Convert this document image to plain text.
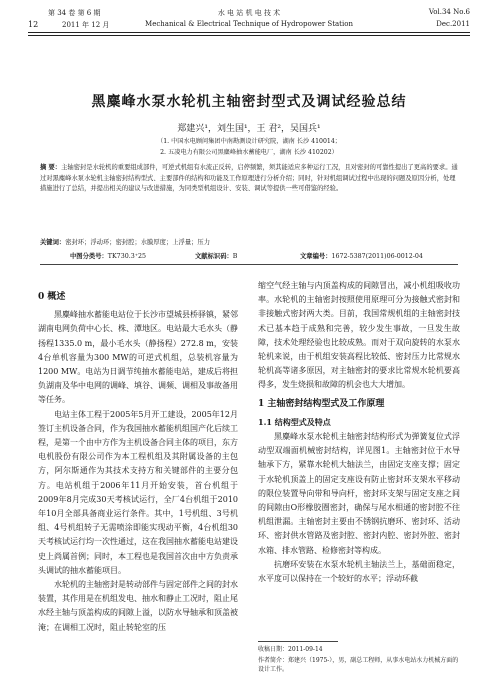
第 34 卷 第 6 期	水 电 站 机 电 技 术	Vol.34 No.6
12	2011 年 12 月	Mechanical & Electrical Technique of Hydropower Station	Dec.2011
黑麋峰水泵水轮机主轴密封型式及调试经验总结
郑建兴¹，刘生国¹，王 君²，吴国兵¹
（1. 中国水电顾问集团中南勘测设计研究院，湖南 长沙 410014；
2. 五凌电力有限公司黑麋峰抽水蓄能电厂，湖南 长沙 410202）
摘 要：主轴密封是水轮机的重要组成部件，可逆式机组有水流正反转，启停频繁，须其能适应多种运行工况，且对密封的可靠性提出了更高的要求。通过对黑麋峰水泵水轮机主轴密封结构型式、主要部件的结构和功能及工作原理进行分析介绍；同时，针对机组调试过程中出现的问题及原因分析，处理措施进行了总结，并提出相关的建议与改进措施，为同类型机组设计、安装、调试等提供一些可借鉴的经验。
关键词：密封环；浮动环；密封腔；水膜厚度；上浮量；压力
中图分类号：TK730.3⁺25	文献标识码：B	文章编号：1672-5387(2011)06-0012-04
0 概述

黑麋峰抽水蓄能电站位于长沙市望城县桥驿镇，紧邻湖南电网负荷中心长、株、潭地区。电站最大毛水头（静扬程1335.0 m，最小毛水头（静扬程）272.8 m，安装4台单机容量为300 MW的可逆式机组，总装机容量为1200 MW。电站为日调节纯抽水蓄能电站，建成后将担负湖南及华中电网的调峰、填谷、调频、调相及事故备用等任务。

电站主体工程于2005年5月开工建设，2005年12月签订主机设备合同，作为我国抽水蓄能机组国产化后续工程，是第一个由中方作为主机设备合同主体的项目，东方电机股份有限公司作为本工程机组及其附属设备的主包方，阿尔斯通作为其技术支持方和关键部件的主要分包方。电站机组于2006年11月开始安装，首台机组于2009年8月完成30天考核试运行，全厂4台机组于2010年10月全部具备商业运行条件。其中，1号机组、3号机组、4号机组转子无需喷涂即能实现动平衡，4台机组30天考核试运行均一次性通过，这在我国抽水蓄能电站建设史上尚属首例；同时，本工程也是我国首次由中方负责承头调试的抽水蓄能项目。

水轮机的主轴密封是转动部件与固定部件之间的封水装置，其作用是在机组发电、抽水和静止工况时，阻止尾水经主轴与顶盖构成的间隙上溢，以防水导轴承和顶盖被淹；在调相工况时，阻止转轮室的压

缩空气经主轴与内顶盖构成的间隙冒出，减小机组吸收功率。水轮机的主轴密封按照使用原理可分为接触式密封和非接触式密封两大类。目前，我国常规机组的主轴密封技术已基本趋于成熟和完善，较少发生事故，一旦发生故障，技术处理经验也比较成熟。而对于双向旋转的水泵水轮机来说，由于机组安装高程比较低、密封压力比常规水轮机高等诸多原因，对主轴密封的要求比常规水轮机要高得多，发生烧损和故障的机会也大大增加。

1 主轴密封结构型式及工作原理
1.1 结构型式及特点

黑麋峰水泵水轮机主轴密封结构形式为弹簧复位式浮动型双端面机械密封结构，详见图1。主轴密封位于水导轴承下方，紧靠水轮机大轴法兰，由固定支座支撑；固定于水轮机顶盖上的固定支座设有防止密封环支架水平移动的限位装置导向带和导向杆，密封环支架与固定支座之间的间隙由O形橡胶圈密封，确保与尾水相通的密封腔不往机组泄漏。主轴密封主要由不锈钢抗磨环、密封环、活动环、密封供水管路及密封腔、密封内腔、密封外腔、密封水箱、排水管路、检修密封等构成。

抗磨环安装在水泵水轮机主轴法兰上，基础面稳定，水平度可以保持在一个较好的水平；浮动环截

收稿日期：2011-09-14
作者简介：郑建兴（1975-），男，副总工程师，从事水电站水力机械方面的设计工作。
